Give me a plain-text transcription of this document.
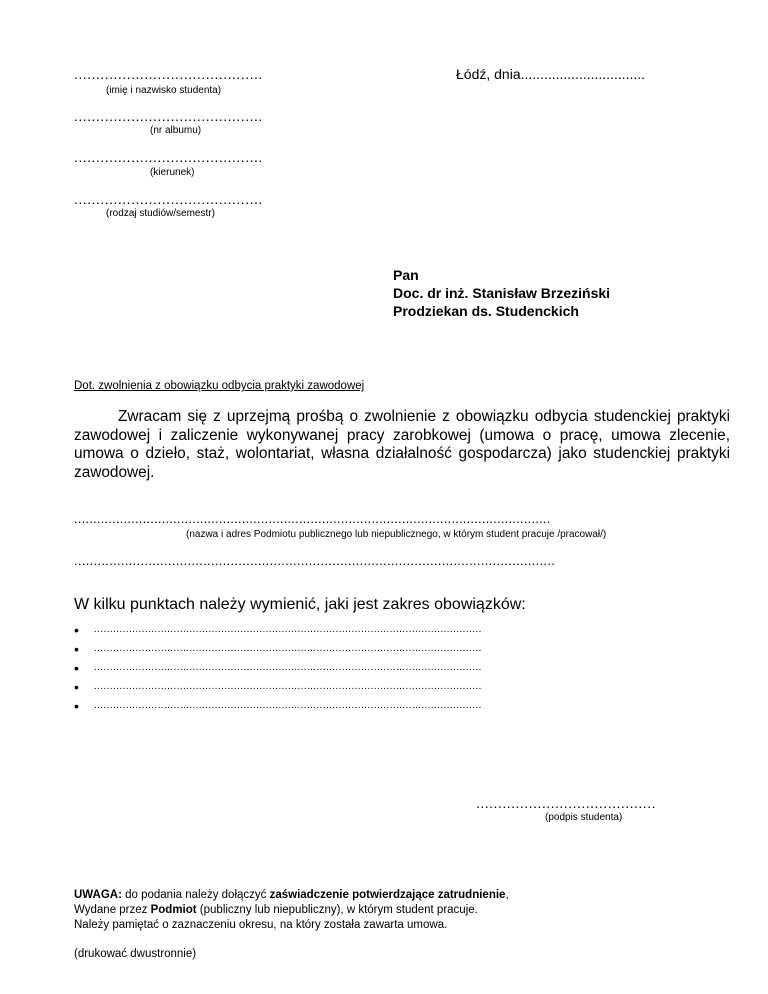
...........................................
(imię i nazwisko studenta)
...........................................
(nr albumu)
...........................................
(kierunek)
...........................................
(rodzaj studiów/semestr)
Łódź, dnia................................
Pan
Doc. dr inż. Stanisław Brzeziński
Prodziekan ds. Studenckich
Dot. zwolnienia z obowiązku odbycia praktyki zawodowej
Zwracam się z uprzejmą prośbą o zwolnienie z obowiązku odbycia studenckiej praktyki zawodowej i zaliczenie wykonywanej pracy zarobkowej (umowa o pracę, umowa zlecenie, umowa o dzieło, staż, wolontariat, własna działalność gospodarcza) jako studenckiej praktyki zawodowej.
.............................................................................................................................
(nazwa i adres Podmiotu publicznego lub niepublicznego, w którym student pracuje /pracował/)
...........................................................................................................................
W kilku punktach należy wymienić, jaki jest zakres obowiązków:
• ..........................................................................................................................
• ..........................................................................................................................
• ..........................................................................................................................
• ..........................................................................................................................
• ..........................................................................................................................
.........................................
(podpis studenta)

UWAGA: do podania należy dołączyć zaświadczenie potwierdzające zatrudnienie,

Wydane przez Podmiot (publiczny lub niepubliczny), w którym student pracuje.

Należy pamiętać o zaznaczeniu okresu, na który została zawarta umowa.

(drukować dwustronnie)
